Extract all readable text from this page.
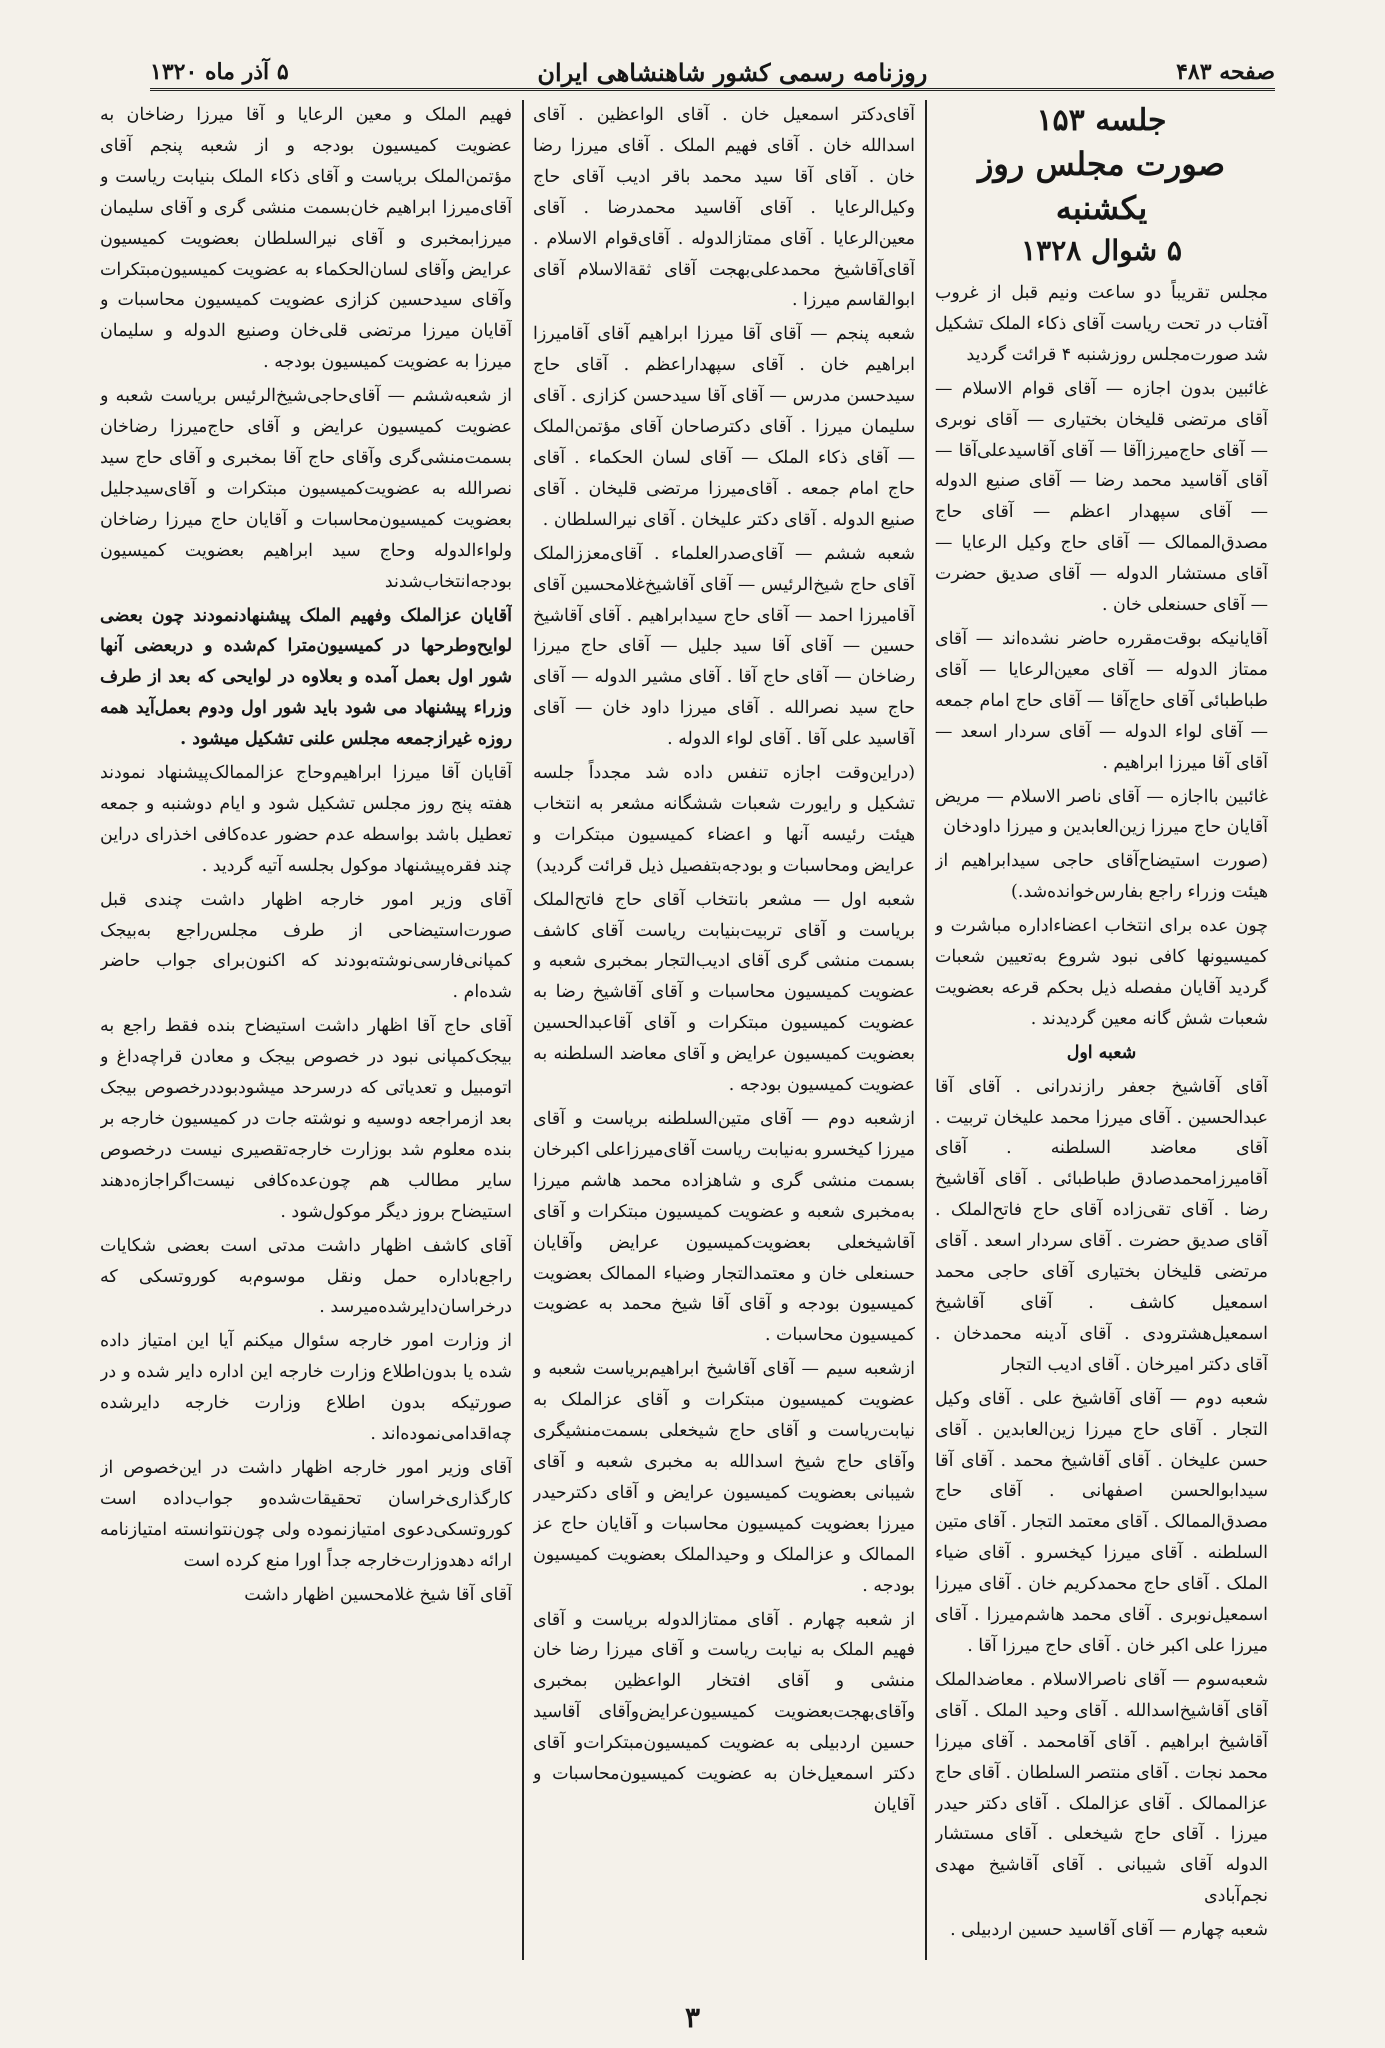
صفحه ۴۸۳
روزنامه رسمی کشور شاهنشاهی ایران
۵ آذر ماه ۱۳۲۰

جلسه ۱۵۳

صورت مجلس روز یکشنبه

۵ شوال ۱۳۲۸

مجلس تقریباً دو ساعت ونیم قبل از غروب آفتاب در تحت ریاست آقای ذکاء الملک تشکیل شد صورت‌مجلس روزشنبه ۴ قرائت گردید

غائبین بدون اجازه — آقای قوام الاسلام — آقای مرتضی قلیخان بختیاری — آقای نوبری — آقای حاج‌میرزاآقا — آقای آقاسیدعلی‌آقا — آقای آقاسید محمد رضا — آقای صنیع الدوله — آقای سپهدار اعظم — آقای حاج مصدق‌الممالک — آقای حاج وکیل الرعایا — آقای مستشار الدوله — آقای صدیق حضرت — آقای حسنعلی خان .

آقایانیکه بوقت‌مقرره حاضر نشده‌اند — آقای ممتاز الدوله — آقای معین‌الرعایا — آقای طباطبائی آقای حاج‌آقا — آقای حاج امام جمعه — آقای لواء الدوله — آقای سردار اسعد — آقای آقا میرزا ابراهیم .

غائبین بااجازه — آقای ناصر الاسلام — مریض آقایان حاج میرزا زین‌العابدین و میرزا داودخان

(صورت استیضاح‌آقای حاجی سیدابراهیم از هیئت وزراء راجع بفارس‌خوانده‌شد.)

چون عده برای انتخاب اعضاءاداره مباشرت و کمیسیونها کافی نبود شروع به‌تعیین شعبات گردید آقایان مفصله ذیل بحکم قرعه بعضویت شعبات شش گانه معین گردیدند .

شعبه اول

آقای آقاشیخ جعفر رازندرانی . آقای آقا عبدالحسین . آقای میرزا محمد علیخان تربیت . آقای معاضد السلطنه . آقای آقامیرزامحمدصادق طباطبائی . آقای آقاشیخ رضا . آقای تقی‌زاده آقای حاج فاتح‌الملک . آقای صدیق حضرت . آقای سردار اسعد . آقای مرتضی قلیخان بختیاری آقای حاجی محمد اسمعیل کاشف . آقای آقاشیخ اسمعیل‌هشترودی . آقای آدینه محمدخان . آقای دکتر امیرخان . آقای ادیب التجار

شعبه دوم — آقای آقاشیخ علی . آقای وکیل التجار . آقای حاج میرزا زین‌العابدین . آقای حسن علیخان . آقای آقاشیخ محمد . آقای آقا سیدابوالحسن اصفهانی . آقای حاج مصدق‌الممالک . آقای معتمد التجار . آقای متین السلطنه . آقای میرزا کیخسرو . آقای ضیاء الملک . آقای حاج محمدکریم خان . آقای میرزا اسمعیل‌نوبری . آقای محمد هاشم‌میرزا . آقای میرزا علی اکبر خان . آقای حاج میرزا آقا .

شعبه‌سوم — آقای ناصرالاسلام . معاضدالملک آقای آقاشیخ‌اسدالله . آقای وحید الملک . آقای آقاشیخ ابراهیم . آقای آقامحمد . آقای میرزا محمد نجات . آقای منتصر السلطان . آقای حاج عزالممالک . آقای عزالملک . آقای دکتر حیدر میرزا . آقای حاج شیخعلی . آقای مستشار الدوله آقای شیبانی . آقای آقاشیخ مهدی نجم‌آبادی

شعبه چهارم — آقای آقاسید حسین اردبیلی .

آقای‌دکتر اسمعیل خان . آقای الواعظین . آقای اسدالله خان . آقای فهیم الملک . آقای میرزا رضا خان . آقای آقا سید محمد باقر ادیب آقای حاج وکیل‌الرعایا . آقای آقاسید محمدرضا . آقای معین‌الرعایا . آقای ممتازالدوله . آقای‌قوام الاسلام . آقای‌آقاشیخ محمدعلی‌بهجت آقای ثقة‌الاسلام آقای ابوالقاسم میرزا .

شعبه پنجم — آقای آقا میرزا ابراهیم آقای آقامیرزا ابراهیم خان . آقای سپهداراعظم . آقای حاج سیدحسن مدرس — آقای آقا سیدحسن کزازی . آقای سلیمان میرزا . آقای دکترصاحان آقای مؤتمن‌الملک — آقای ذکاء الملک — آقای لسان الحکماء . آقای حاج امام جمعه . آقای‌میرزا مرتضی قلیخان . آقای صنیع الدوله . آقای دکتر علیخان . آقای نیرالسلطان .

شعبه ششم — آقای‌صدرالعلماء . آقای‌معززالملک آقای حاج شیخ‌الرئیس — آقای آقاشیخ‌غلامحسین آقای آقامیرزا احمد — آقای حاج سیدابراهیم . آقای آقاشیخ حسین — آقای آقا سید جلیل — آقای حاج میرزا رضاخان — آقای حاج آقا . آقای مشیر الدوله — آقای حاج سید نصرالله . آقای میرزا داود خان — آقای آقاسید علی آقا . آقای لواء الدوله .

(دراین‌وقت اجازه تنفس داده شد مجدداً جلسه تشکیل و رایورت شعبات ششگانه مشعر به انتخاب هیئت رئیسه آنها و اعضاء کمیسیون مبتکرات و عرایض ومحاسبات و بودجه‌بتفصیل ذیل قرائت گردید)

شعبه اول — مشعر بانتخاب آقای حاج فاتح‌الملک بریاست و آقای تربیت‌بنیابت ریاست آقای کاشف بسمت منشی گری آقای ادیب‌التجار بمخبری شعبه و عضویت کمیسیون محاسبات و آقای آقاشیخ رضا به عضویت کمیسیون مبتکرات و آقای آقاعبدالحسین بعضویت کمیسیون عرایض و آقای معاضد السلطنه به عضویت کمیسیون بودجه .

ازشعبه دوم — آقای متین‌السلطنه بریاست و آقای میرزا کیخسرو به‌نیابت ریاست آقای‌میرزاعلی اکبرخان بسمت منشی گری و شاهزاده محمد هاشم میرزا به‌مخبری شعبه و عضویت کمیسیون مبتکرات و آقای آقاشیخعلی بعضویت‌کمیسیون عرایض‌ وآقایان حسنعلی خان و معتمدالتجار وضیاء الممالک بعضویت کمیسیون بودجه و آقای آقا شیخ محمد به عضویت کمیسیون محاسبات .

ازشعبه سیم — آقای آقاشیخ ابراهیم‌بریاست شعبه و عضویت کمیسیون مبتکرات و آقای عزالملک به نیابت‌ریاست و آقای حاج شیخعلی بسمت‌منشیگری وآقای حاج شیخ اسدالله به مخبری شعبه و آقای شیبانی بعضویت کمیسیون عرایض و آقای دکترحیدر میرزا بعضویت کمیسیون محاسبات و آقایان حاج عز الممالک و عزالملک و وحیدالملک بعضویت کمیسیون بودجه .

از شعبه چهارم . آقای ممتازالدوله بریاست و آقای فهیم الملک به نیابت ریاست و آقای میرزا رضا خان منشی و آقای افتخار الواعظین بمخبری وآقای‌بهجت‌بعضویت کمیسیون‌عرایض‌وآقای آقاسید حسین اردبیلی به عضویت کمیسیون‌مبتکرات‌و آقای دکتر اسمعیل‌خان به عضویت کمیسیون‌محاسبات و آقایان

فهیم الملک و معین الرعایا و آقا میرزا رضاخان به عضویت کمیسیون بودجه و از شعبه پنجم آقای مؤتمن‌الملک بریاست و آقای ذکاء الملک بنیابت ریاست و آقای‌میرزا ابراهیم خان‌بسمت منشی گری و آقای سلیمان میرزا‌بمخبری و آقای نیرالسلطان بعضویت کمیسیون عرایض وآقای لسان‌الحکماء به عضویت کمیسیون‌مبتکرات وآقای سیدحسین کزازی عضویت کمیسیون محاسبات و آقایان میرزا مرتضی قلی‌خان وصنیع الدوله و سلیمان میرزا به عضویت کمیسیون بودجه .

از شعبه‌ششم — آقای‌حاجی‌شیخ‌الرئیس بریاست شعبه و عضویت کمیسیون عرایض و آقای حاج‌میرزا رضاخان بسمت‌منشی‌گری وآقای حاج آقا بمخبری و آقای حاج سید نصرالله به عضویت‌کمیسیون مبتکرات و آقای‌سیدجلیل بعضویت کمیسیون‌محاسبات و آقایان حاج میرزا رضاخان ولواءالدوله وحاج سید ابراهیم بعضویت کمیسیون بودجه‌انتخاب‌شدند

آقایان عزالملک وفهیم الملک پیشنهادنمودند چون بعضی لوایح‌وطرحها در کمیسیون‌مترا کم‌شده و دربعضی آنها شور اول بعمل آمده و بعلاوه در لوایحی که بعد از طرف وزراء پیشنهاد می شود باید شور اول ودوم بعمل‌آید همه روزه غیراز‌جمعه مجلس علنی تشکیل میشود .

آقایان آقا میرزا ابراهیم‌وحاج عزالممالک‌پیشنهاد نمودند هفته پنج روز مجلس تشکیل شود و ایام دوشنبه و جمعه تعطیل باشد بواسطه عدم حضور عده‌کافی اخذرای دراین چند فقره‌پیشنهاد موکول بجلسه آتیه گردید .

آقای وزیر امور خارجه اظهار داشت چندی قبل صورت‌استیضاحی از طرف مجلس‌راجع به‌بیجک کمپانی‌فارسی‌نوشته‌بودند که اکنون‌برای جواب حاضر شده‌ام .

آقای حاج آقا اظهار داشت استیضاح بنده فقط راجع به بیجک‌کمپانی نبود در خصوص بیجک و معادن قراچه‌داغ و اتومبیل و تعدیاتی که درسرحد میشودبوددرخصوص بیجک بعد ازمراجعه دوسیه و نوشته جات در کمیسیون خارجه بر بنده معلوم شد بوزارت خارجه‌تقصیری نیست درخصوص سایر مطالب هم چون‌عده‌کافی نیست‌اگراجازه‌دهند استیضاح بروز دیگر موکول‌شود .

آقای کاشف اظهار داشت مدتی است بعضی شکایات راجع‌باداره حمل ونقل موسوم‌به کوروتسکی که درخراسان‌دایرشده‌میرسد .

از وزارت امور خارجه سئوال میکنم آیا این امتیاز داده شده یا بدون‌اطلاع وزارت خارجه این اداره دایر شده و در صورتیکه بدون اطلاع وزارت خارجه دایرشده چه‌اقدامی‌نموده‌اند .

آقای وزیر امور خارجه اظهار داشت در این‌خصوص از کارگذاری‌خراسان تحقیقات‌شده‌و جواب‌داده است کوروتسکی‌دعوی امتیازنموده ولی چون‌نتوانسته امتیازنامه ارائه دهدوزارت‌خارجه جداً اورا منع کرده است

آقای آقا شیخ غلامحسین اظهار داشت

۳
